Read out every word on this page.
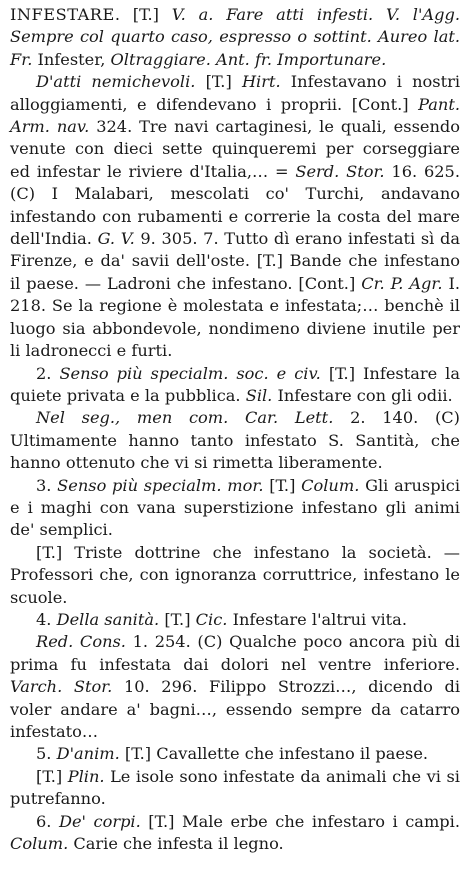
INFESTARE. [T.] V. a. Fare atti infesti. V. l'Agg. Sempre col quarto caso, espresso o sottint. Aureo lat. Fr. Infester, Oltraggiare. Ant. fr. Importunare.

D'atti nemichevoli. [T.] Hirt. Infestavano i nostri alloggiamenti, e difendevano i proprii. [Cont.] Pant. Arm. nav. 324. Tre navi cartaginesi, le quali, essendo venute con dieci sette quinqueremi per corseggiare ed infestar le riviere d'Italia,… = Serd. Stor. 16. 625. (C) I Malabari, mescolati co' Turchi, andavano infestando con rubamenti e correrie la costa del mare dell'India. G. V. 9. 305. 7. Tutto dì erano infestati sì da Firenze, e da' savii dell'oste. [T.] Bande che infestano il paese. — Ladroni che infestano. [Cont.] Cr. P. Agr. I. 218. Se la regione è molestata e infestata;… benchè il luogo sia abbondevole, nondimeno diviene inutile per li ladronecci e furti.

2. Senso più specialm. soc. e civ. [T.] Infestare la quiete privata e la pubblica. Sil. Infestare con gli odii.

Nel seg., men com. Car. Lett. 2. 140. (C) Ultimamente hanno tanto infestato S. Santità, che hanno ottenuto che vi si rimetta liberamente.

3. Senso più specialm. mor. [T.] Colum. Gli aruspici e i maghi con vana superstizione infestano gli animi de' semplici.

[T.] Triste dottrine che infestano la società. — Professori che, con ignoranza corruttrice, infestano le scuole.

4. Della sanità. [T.] Cic. Infestare l'altrui vita.

Red. Cons. 1. 254. (C) Qualche poco ancora più di prima fu infestata dai dolori nel ventre inferiore. Varch. Stor. 10. 296. Filippo Strozzi…, dicendo di voler andare a' bagni…, essendo sempre da catarro infestato…

5. D'anim. [T.] Cavallette che infestano il paese.

[T.] Plin. Le isole sono infestate da animali che vi si putrefanno.

6. De' corpi. [T.] Male erbe che infestaro i campi. Colum. Carie che infesta il legno.
